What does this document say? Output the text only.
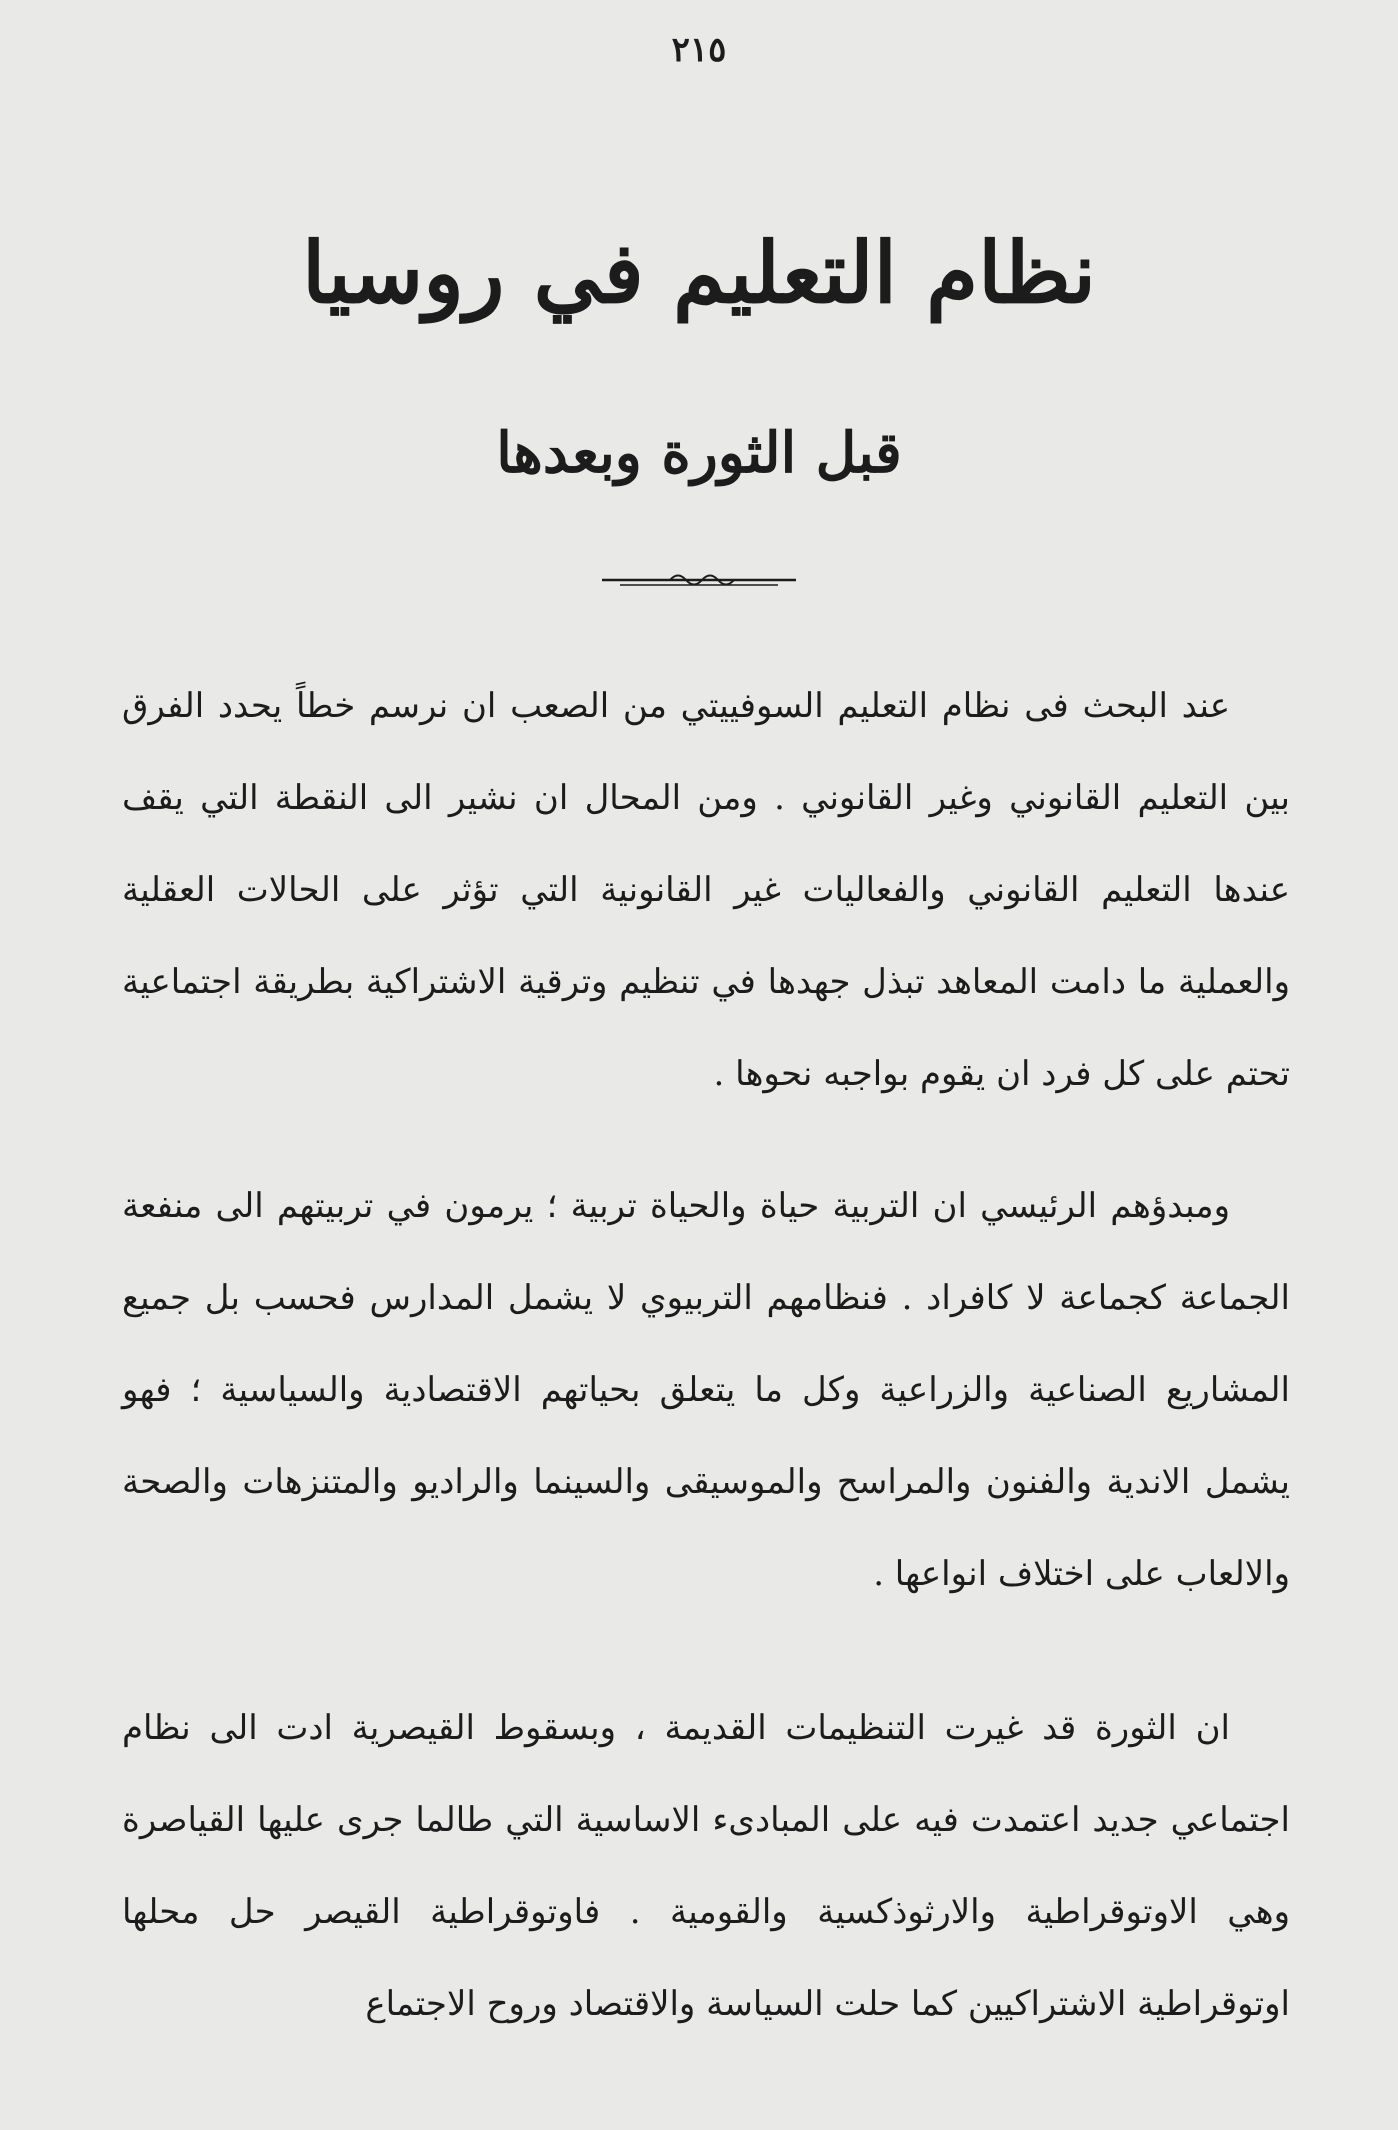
٢١٥
نظام التعليم في روسيا
قبل الثورة وبعدها

عند البحث فى نظام التعليم السوفييتي من الصعب ان نرسم خطاً يحدد الفرق بين التعليم القانوني وغير القانوني . ومن المحال ان نشير الى النقطة التي يقف عندها التعليم القانوني والفعاليات غير القانونية التي تؤثر على الحالات العقلية والعملية ما دامت المعاهد تبذل جهدها في تنظيم وترقية الاشتراكية بطريقة اجتماعية تحتم على كل فرد ان يقوم بواجبه نحوها .

ومبدؤهم الرئيسي ان التربية حياة والحياة تربية ؛ يرمون في تربيتهم الى منفعة الجماعة كجماعة لا كافراد . فنظامهم التربيوي لا يشمل المدارس فحسب بل جميع المشاريع الصناعية والزراعية وكل ما يتعلق بحياتهم الاقتصادية والسياسية ؛ فهو يشمل الاندية والفنون والمراسح والموسيقى والسينما والراديو والمتنزهات والصحة والالعاب على اختلاف انواعها .

ان الثورة قد غيرت التنظيمات القديمة ، وبسقوط القيصرية ادت الى نظام اجتماعي جديد اعتمدت فيه على المبادىء الاساسية التي طالما جرى عليها القياصرة وهي الاوتوقراطية والارثوذكسية والقومية . فاوتوقراطية القيصر حل محلها اوتوقراطية الاشتراكيين كما حلت السياسة والاقتصاد وروح الاجتماع
